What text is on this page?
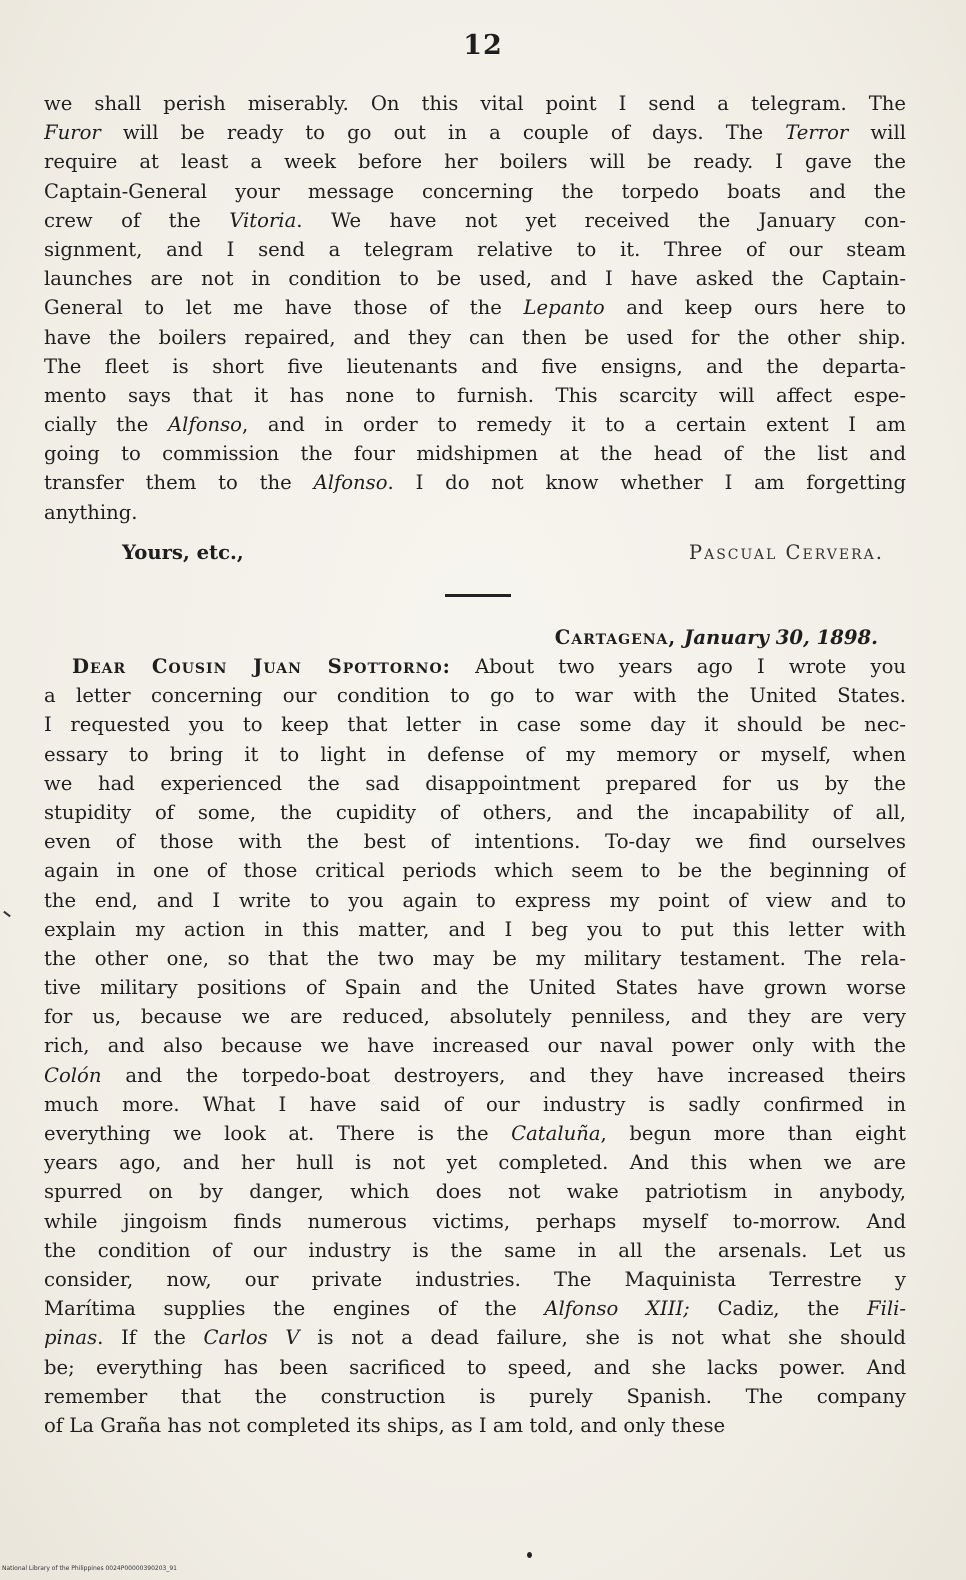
12
we shall perish miserably. On this vital point I send a telegram. The
Furor will be ready to go out in a couple of days. The Terror will
require at least a week before her boilers will be ready. I gave the
Captain-General your message concerning the torpedo boats and the
crew of the Vitoria. We have not yet received the January con-
signment, and I send a telegram relative to it. Three of our steam
launches are not in condition to be used, and I have asked the Captain-
General to let me have those of the Lepanto and keep ours here to
have the boilers repaired, and they can then be used for the other ship.
The fleet is short five lieutenants and five ensigns, and the departa-
mento says that it has none to furnish. This scarcity will affect espe-
cially the Alfonso, and in order to remedy it to a certain extent I am
going to commission the four midshipmen at the head of the list and
transfer them to the Alfonso. I do not know whether I am forgetting
anything.
Yours, etc.,	Pascual Cervera.
Cartagena, January 30, 1898.
Dear Cousin Juan Spottorno: About two years ago I wrote you
a letter concerning our condition to go to war with the United States.
I requested you to keep that letter in case some day it should be nec-
essary to bring it to light in defense of my memory or myself, when
we had experienced the sad disappointment prepared for us by the
stupidity of some, the cupidity of others, and the incapability of all,
even of those with the best of intentions. To-day we find ourselves
again in one of those critical periods which seem to be the beginning of
the end, and I write to you again to express my point of view and to
explain my action in this matter, and I beg you to put this letter with
the other one, so that the two may be my military testament. The rela-
tive military positions of Spain and the United States have grown worse
for us, because we are reduced, absolutely penniless, and they are very
rich, and also because we have increased our naval power only with the
Colón and the torpedo-boat destroyers, and they have increased theirs
much more. What I have said of our industry is sadly confirmed in
everything we look at. There is the Cataluña, begun more than eight
years ago, and her hull is not yet completed. And this when we are
spurred on by danger, which does not wake patriotism in anybody,
while jingoism finds numerous victims, perhaps myself to-morrow. And
the condition of our industry is the same in all the arsenals. Let us
consider, now, our private industries. The Maquinista Terrestre y
Marítima supplies the engines of the Alfonso XIII; Cadiz, the Fili-
pinas. If the Carlos V is not a dead failure, she is not what she should
be; everything has been sacrificed to speed, and she lacks power. And
remember that the construction is purely Spanish. The company
of La Graña has not completed its ships, as I am told, and only these
National Library of the Philippines 0024P00000390203_91
